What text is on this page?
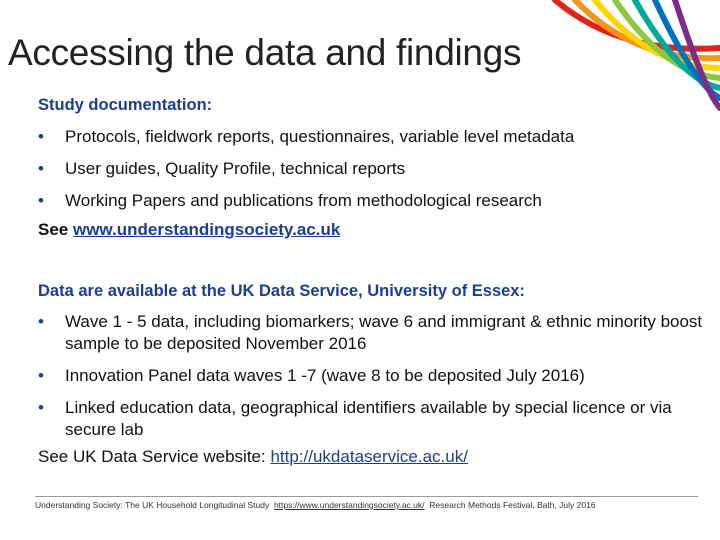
Accessing the data and findings
Study documentation:
• Protocols, fieldwork reports, questionnaires, variable level metadata
• User guides, Quality Profile, technical reports
• Working Papers and publications from methodological research
See www.understandingsociety.ac.uk
Data are available at the UK Data Service, University of Essex:
• Wave 1 - 5 data, including biomarkers; wave 6 and immigrant & ethnic minority boost sample to be deposited November 2016
• Innovation Panel data waves 1 -7 (wave 8 to be deposited July 2016)
• Linked education data, geographical identifiers available by special licence or via secure lab
See UK Data Service website: http://ukdataservice.ac.uk/
Understanding Society: The UK Household Longitudinal Study https://www.understandingsociety.ac.uk/ Research Methods Festival, Bath, July 2016
